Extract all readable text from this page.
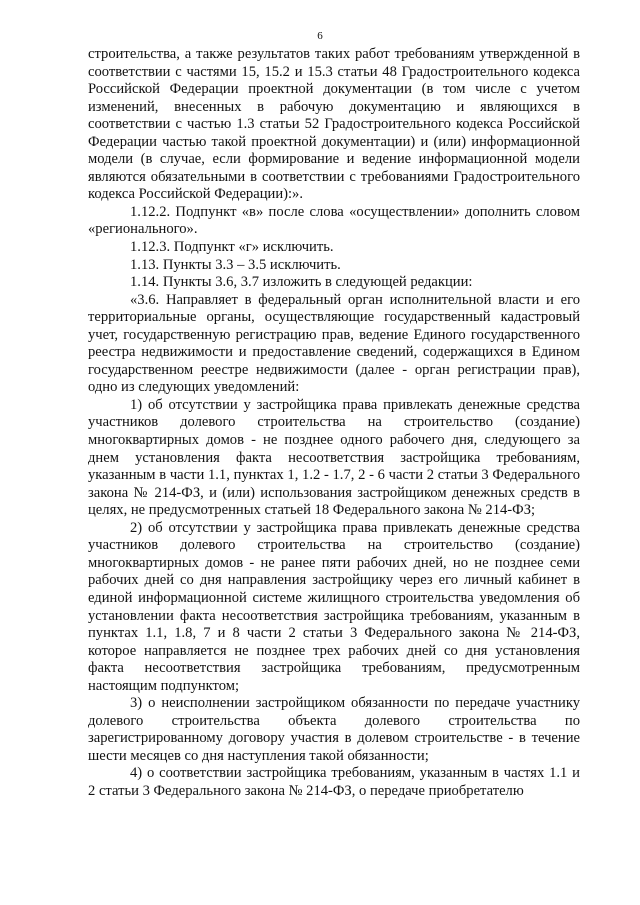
6

строительства, а также результатов таких работ требованиям утвержденной в соответствии с частями 15, 15.2 и 15.3 статьи 48 Градостроительного кодекса Российской Федерации проектной документации (в том числе с учетом изменений, внесенных в рабочую документацию и являющихся в соответствии с частью 1.3 статьи 52 Градостроительного кодекса Российской Федерации частью такой проектной документации) и (или) информационной модели (в случае, если формирование и ведение информационной модели являются обязательными в соответствии с требованиями Градостроительного кодекса Российской Федерации):».

1.12.2. Подпункт «в» после слова «осуществлении» дополнить словом «регионального».

1.12.3. Подпункт «г» исключить.

1.13. Пункты 3.3 – 3.5 исключить.

1.14. Пункты 3.6, 3.7 изложить в следующей редакции:

«3.6. Направляет в федеральный орган исполнительной власти и его территориальные органы, осуществляющие государственный кадастровый учет, государственную регистрацию прав, ведение Единого государственного реестра недвижимости и предоставление сведений, содержащихся в Едином государственном реестре недвижимости (далее - орган регистрации прав), одно из следующих уведомлений:

1) об отсутствии у застройщика права привлекать денежные средства участников долевого строительства на строительство (создание) многоквартирных домов - не позднее одного рабочего дня, следующего за днем установления факта несоответствия застройщика требованиям, указанным в части 1.1, пунктах 1, 1.2 - 1.7, 2 - 6 части 2 статьи 3 Федерального закона № 214-ФЗ, и (или) использования застройщиком денежных средств в целях, не предусмотренных статьей 18 Федерального закона № 214-ФЗ;

2) об отсутствии у застройщика права привлекать денежные средства участников долевого строительства на строительство (создание) многоквартирных домов - не ранее пяти рабочих дней, но не позднее семи рабочих дней со дня направления застройщику через его личный кабинет в единой информационной системе жилищного строительства уведомления об установлении факта несоответствия застройщика требованиям, указанным в пунктах 1.1, 1.8, 7 и 8 части 2 статьи 3 Федерального закона № 214-ФЗ, которое направляется не позднее трех рабочих дней со дня установления факта несоответствия застройщика требованиям, предусмотренным настоящим подпунктом;

3) о неисполнении застройщиком обязанности по передаче участнику долевого строительства объекта долевого строительства по зарегистрированному договору участия в долевом строительстве - в течение шести месяцев со дня наступления такой обязанности;

4) о соответствии застройщика требованиям, указанным в частях 1.1 и 2 статьи 3 Федерального закона № 214-ФЗ, о передаче приобретателю
